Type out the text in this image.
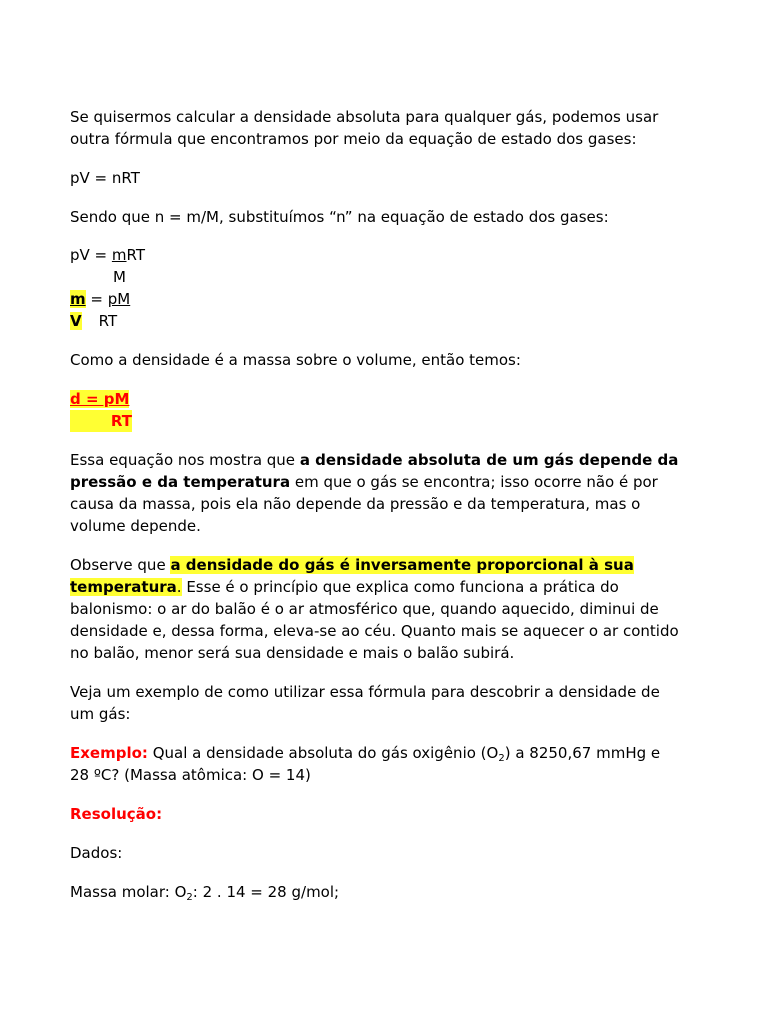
Se quisermos calcular a densidade absoluta para qualquer gás, podemos usar
outra fórmula que encontramos por meio da equação de estado dos gases:
pV = nRT
Sendo que n = m/M, substituímos “n” na equação de estado dos gases:
pV = mRT
M
m = pM
V RT
Como a densidade é a massa sobre o volume, então temos:
d = pM
RT
Essa equação nos mostra que a densidade absoluta de um gás depende da
pressão e da temperatura em que o gás se encontra; isso ocorre não é por
causa da massa, pois ela não depende da pressão e da temperatura, mas o
volume depende.
Observe que a densidade do gás é inversamente proporcional à sua
temperatura. Esse é o princípio que explica como funciona a prática do
balonismo: o ar do balão é o ar atmosférico que, quando aquecido, diminui de
densidade e, dessa forma, eleva-se ao céu. Quanto mais se aquecer o ar contido
no balão, menor será sua densidade e mais o balão subirá.
Veja um exemplo de como utilizar essa fórmula para descobrir a densidade de
um gás:
Exemplo: Qual a densidade absoluta do gás oxigênio $(O_2)$ a 8250,67 mmHg e
28 ºC? (Massa atômica: O = 14)
Resolução:
Dados:
Massa molar: $O_2$: 2 . 14 = 28 g/mol;
